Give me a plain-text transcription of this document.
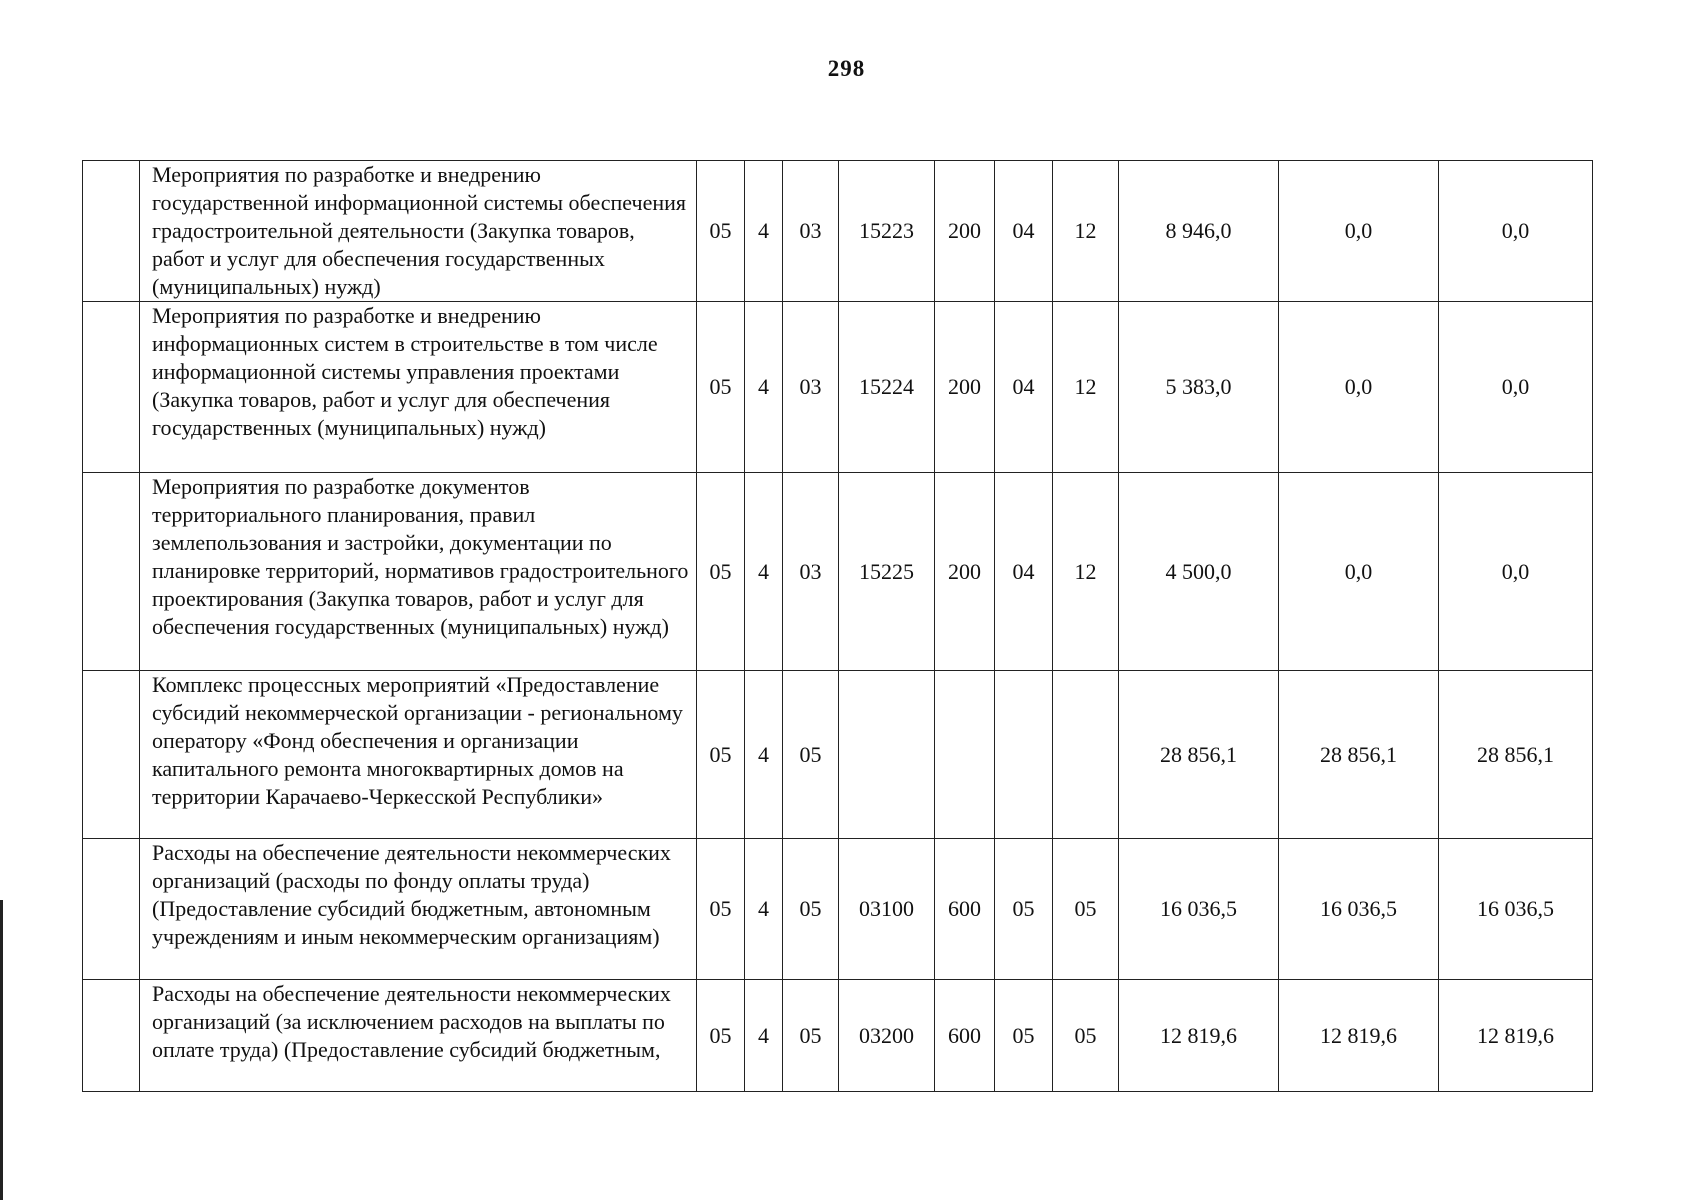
298
	Мероприятия по разработке и внедрению государственной информационной системы обеспечения градостроительной деятельности (Закупка товаров, работ и услуг для обеспечения государственных (муниципальных) нужд)	05	4	03	15223	200	04	12	8 946,0	0,0	0,0
	Мероприятия по разработке и внедрению информационных систем в строительстве в том числе информационной системы управления проектами (Закупка товаров, работ и услуг для обеспечения государственных (муниципальных) нужд)	05	4	03	15224	200	04	12	5 383,0	0,0	0,0
	Мероприятия по разработке документов территориального планирования, правил землепользования и застройки, документации по планировке территорий, нормативов градостроительного проектирования (Закупка товаров, работ и услуг для обеспечения государственных (муниципальных) нужд)	05	4	03	15225	200	04	12	4 500,0	0,0	0,0
	Комплекс процессных мероприятий «Предоставление субсидий некоммерческой организации - региональному оператору «Фонд обеспечения и организации капитального ремонта многоквартирных домов на территории Карачаево-Черкесской Республики»	05	4	05					28 856,1	28 856,1	28 856,1
	Расходы на обеспечение деятельности некоммерческих организаций (расходы по фонду оплаты труда) (Предоставление субсидий бюджетным, автономным учреждениям и иным некоммерческим организациям)	05	4	05	03100	600	05	05	16 036,5	16 036,5	16 036,5
	Расходы на обеспечение деятельности некоммерческих организаций (за исключением расходов на выплаты по оплате труда) (Предоставление субсидий бюджетным,	05	4	05	03200	600	05	05	12 819,6	12 819,6	12 819,6
